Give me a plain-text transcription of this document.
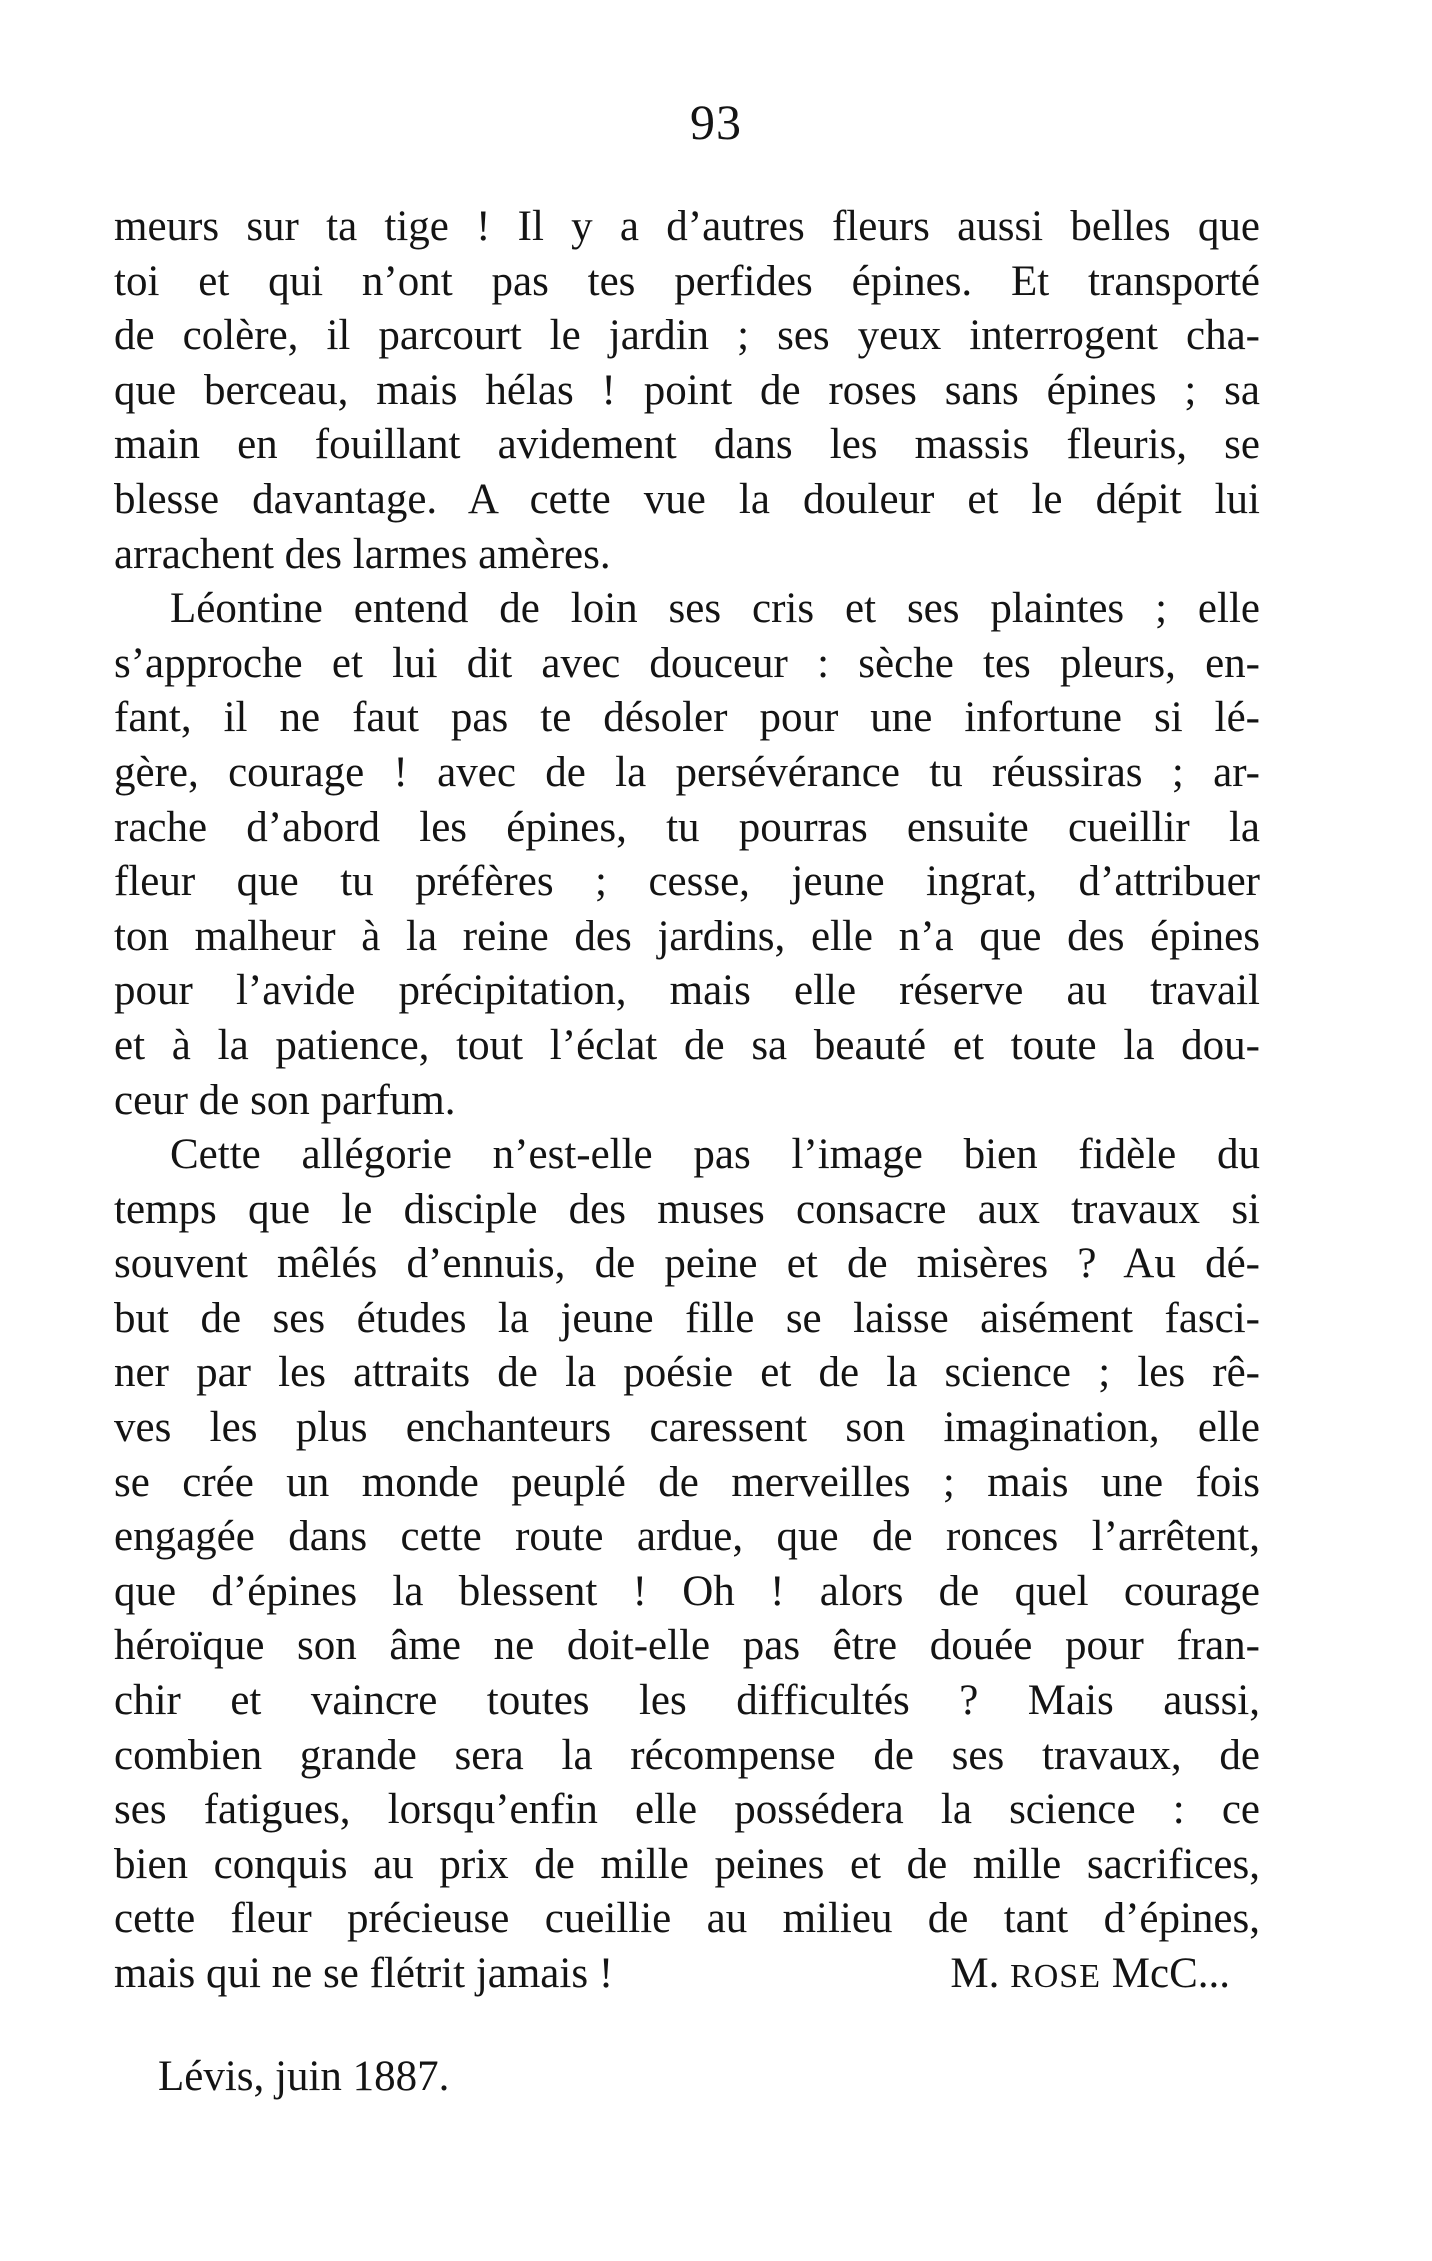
93
meurs sur ta tige ! Il y a d’autres fleurs aussi belles que
toi et qui n’ont pas tes perfides épines. Et transporté
de colère, il parcourt le jardin ; ses yeux interrogent cha-
que berceau, mais hélas ! point de roses sans épines ; sa
main en fouillant avidement dans les massis fleuris, se
blesse davantage. A cette vue la douleur et le dépit lui
arrachent des larmes amères.
Léontine entend de loin ses cris et ses plaintes ; elle
s’approche et lui dit avec douceur : sèche tes pleurs, en-
fant, il ne faut pas te désoler pour une infortune si lé-
gère, courage ! avec de la persévérance tu réussiras ; ar-
rache d’abord les épines, tu pourras ensuite cueillir la
fleur que tu préfères ; cesse, jeune ingrat, d’attribuer
ton malheur à la reine des jardins, elle n’a que des épines
pour l’avide précipitation, mais elle réserve au travail
et à la patience, tout l’éclat de sa beauté et toute la dou-
ceur de son parfum.
Cette allégorie n’est-elle pas l’image bien fidèle du
temps que le disciple des muses consacre aux travaux si
souvent mêlés d’ennuis, de peine et de misères ? Au dé-
but de ses études la jeune fille se laisse aisément fasci-
ner par les attraits de la poésie et de la science ; les rê-
ves les plus enchanteurs caressent son imagination, elle
se crée un monde peuplé de merveilles ; mais une fois
engagée dans cette route ardue, que de ronces l’arrêtent,
que d’épines la blessent ! Oh ! alors de quel courage
héroïque son âme ne doit-elle pas être douée pour fran-
chir et vaincre toutes les difficultés ? Mais aussi,
combien grande sera la récompense de ses travaux, de
ses fatigues, lorsqu’enfin elle possédera la science : ce
bien conquis au prix de mille peines et de mille sacrifices,
cette fleur précieuse cueillie au milieu de tant d’épines,
mais qui ne se flétrit jamais !	M. ROSE McC...
Lévis, juin 1887.
